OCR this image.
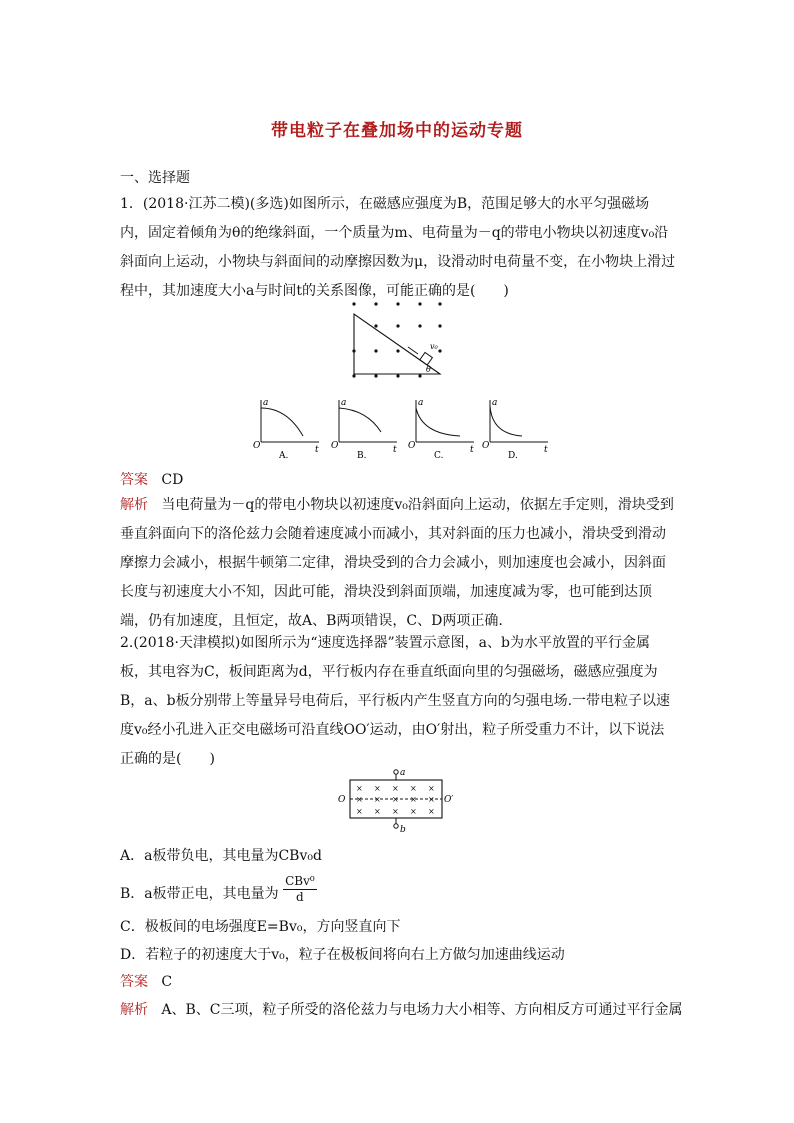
带电粒子在叠加场中的运动专题
一、选择题
1．(2018·江苏二模)(多选)如图所示，在磁感应强度为B，范围足够大的水平匀强磁场内，固定着倾角为θ的绝缘斜面，一个质量为m、电荷量为－q的带电小物块以初速度v₀沿斜面向上运动，小物块与斜面间的动摩擦因数为μ，设滑动时电荷量不变，在小物块上滑过程中，其加速度大小a与时间t的关系图像，可能正确的是(　　)
v₀
θ
a
O	t
A.
a
O	t
B.
a
O	t
C.
a
O	t
D.
答案 CD
解析 当电荷量为－q的带电小物块以初速度v₀沿斜面向上运动，依据左手定则，滑块受到垂直斜面向下的洛伦兹力会随着速度减小而减小，其对斜面的压力也减小，滑块受到滑动摩擦力会减小，根据牛顿第二定律，滑块受到的合力会减小，则加速度也会减小，因斜面长度与初速度大小不知，因此可能，滑块没到斜面顶端，加速度减为零，也可能到达顶端，仍有加速度，且恒定，故A、B两项错误，C、D两项正确.
2.(2018·天津模拟)如图所示为“速度选择器”装置示意图，a、b为水平放置的平行金属板，其电容为C，板间距离为d，平行板内存在垂直纸面向里的匀强磁场，磁感应强度为B，a、b板分别带上等量异号电荷后，平行板内产生竖直方向的匀强电场.一带电粒子以速度v₀经小孔进入正交电磁场可沿直线OO′运动，由O′射出，粒子所受重力不计，以下说法正确的是(　　)
× × × × ×
× × × × ×
× × × × ×
a
b
O	O′
A．a板带负电，其电量为CBv₀d
B．a板带正电，其电量为
CBv⁰
d
C．极板间的电场强度E=Bv₀，方向竖直向下
D．若粒子的初速度大于v₀，粒子在极板间将向右上方做匀加速曲线运动
答案 C
解析 A、B、C三项，粒子所受的洛伦兹力与电场力大小相等、方向相反方可通过平行金属
